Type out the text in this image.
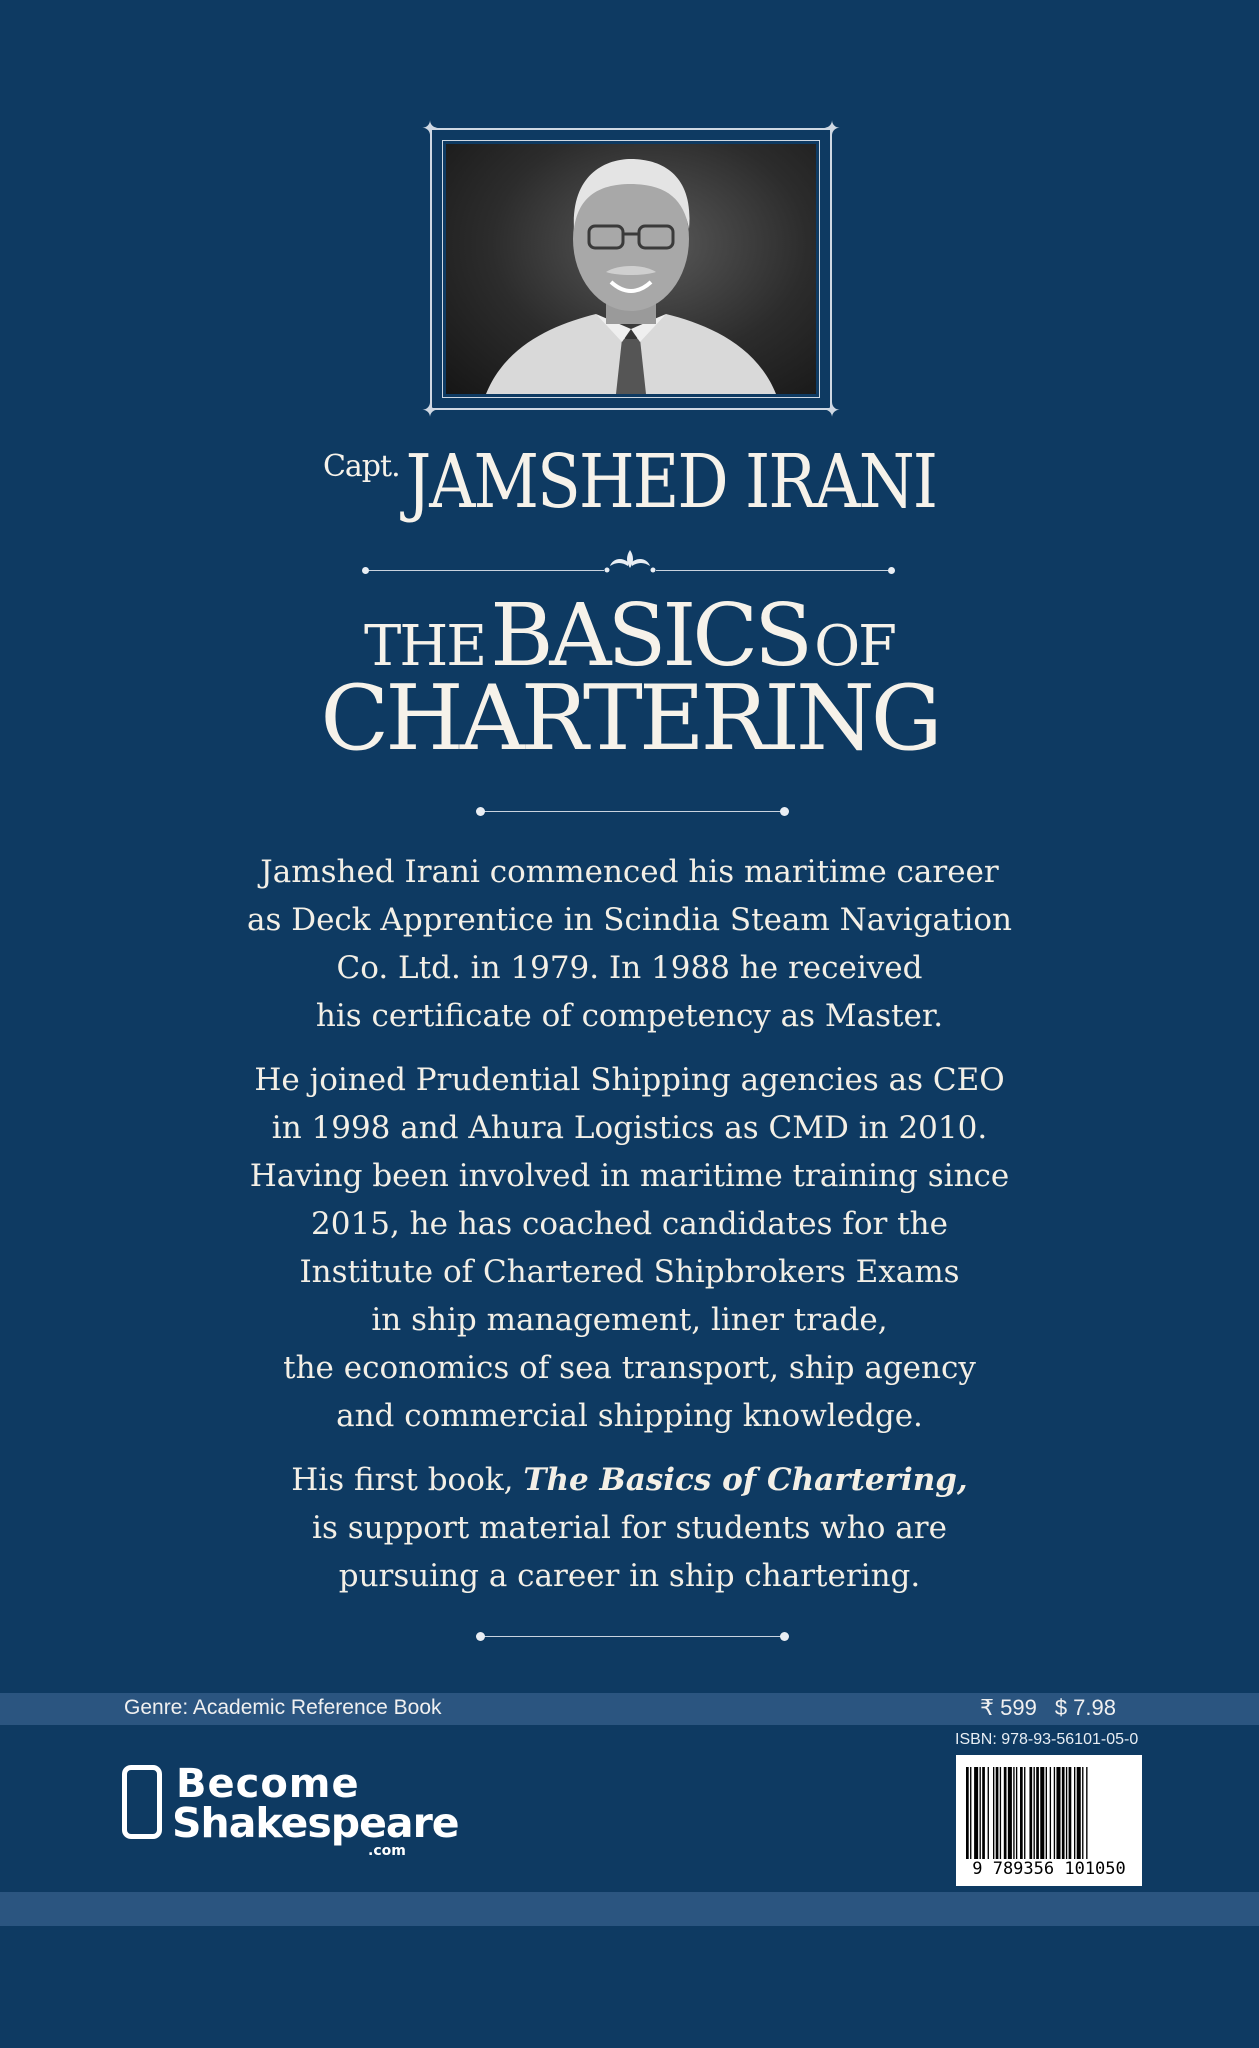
✦	✦
✦	✦
Capt.JAMSHED IRANI
THE BASICS OF
CHARTERING

Jamshed Irani commenced his maritime career

as Deck Apprentice in Scindia Steam Navigation

Co. Ltd. in 1979. In 1988 he received

his certificate of competency as Master.

He joined Prudential Shipping agencies as CEO

in 1998 and Ahura Logistics as CMD in 2010.

Having been involved in maritime training since

2015, he has coached candidates for the

Institute of Chartered Shipbrokers Exams

in ship management, liner trade,

the economics of sea transport, ship agency

and commercial shipping knowledge.

His first book, The Basics of Chartering,

is support material for students who are

pursuing a career in ship chartering.

Genre: Academic Reference Book	₹ 599 $ 7.98
ISBN: 978-93-56101-05-0
9 789356 101050
Become
Shakespeare
.com
